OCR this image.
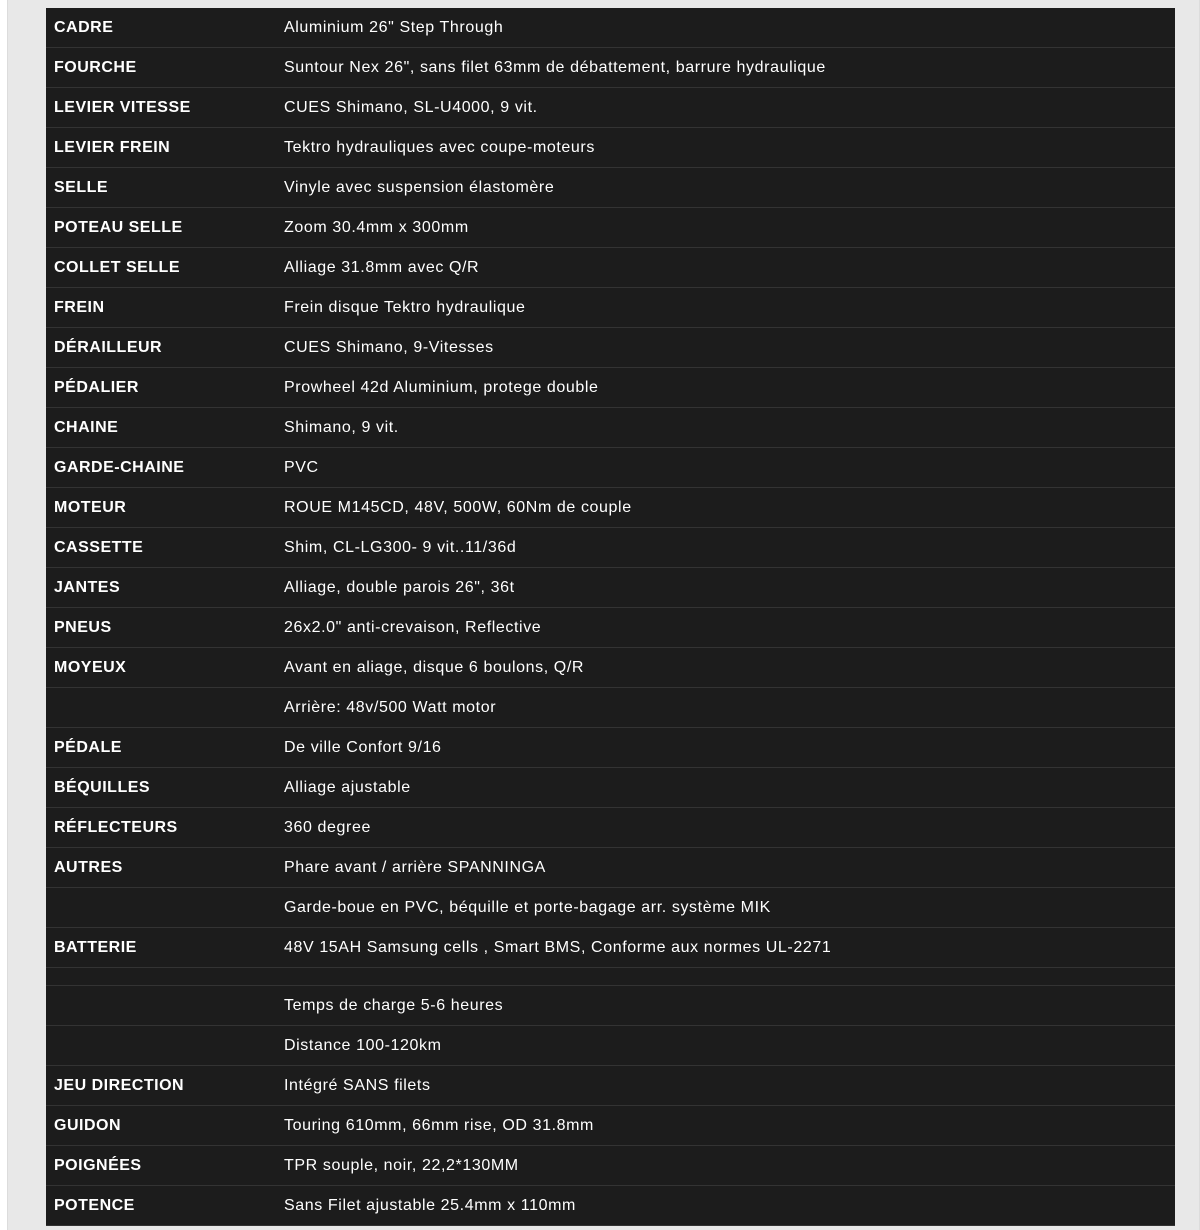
CADRE	Aluminium 26" Step Through
FOURCHE	Suntour Nex 26", sans filet 63mm de débattement, barrure hydraulique
LEVIER VITESSE	CUES Shimano, SL-U4000, 9 vit.
LEVIER FREIN	Tektro hydrauliques avec coupe-moteurs
SELLE	Vinyle avec suspension élastomère
POTEAU SELLE	Zoom 30.4mm x 300mm
COLLET SELLE	Alliage 31.8mm avec Q/R
FREIN	Frein disque Tektro hydraulique
DÉRAILLEUR	CUES Shimano, 9-Vitesses
PÉDALIER	Prowheel 42d Aluminium, protege double
CHAINE	Shimano, 9 vit.
GARDE-CHAINE	PVC
MOTEUR	ROUE M145CD, 48V, 500W, 60Nm de couple
CASSETTE	Shim, CL-LG300- 9 vit..11/36d
JANTES	Alliage, double parois 26", 36t
PNEUS	26x2.0" anti-crevaison, Reflective
MOYEUX	Avant en aliage, disque 6 boulons, Q/R
	Arrière: 48v/500 Watt motor
PÉDALE	De ville Confort 9/16
BÉQUILLES	Alliage ajustable
RÉFLECTEURS	360 degree
AUTRES	Phare avant / arrière SPANNINGA
	Garde-boue en PVC, béquille et porte-bagage arr. système MIK
BATTERIE	48V 15AH Samsung cells , Smart BMS, Conforme aux normes UL-2271

	Temps de charge 5-6 heures
	Distance 100-120km
JEU DIRECTION	Intégré SANS filets
GUIDON	Touring 610mm, 66mm rise, OD 31.8mm
POIGNÉES	TPR souple, noir, 22,2*130MM
POTENCE	Sans Filet ajustable 25.4mm x 110mm
